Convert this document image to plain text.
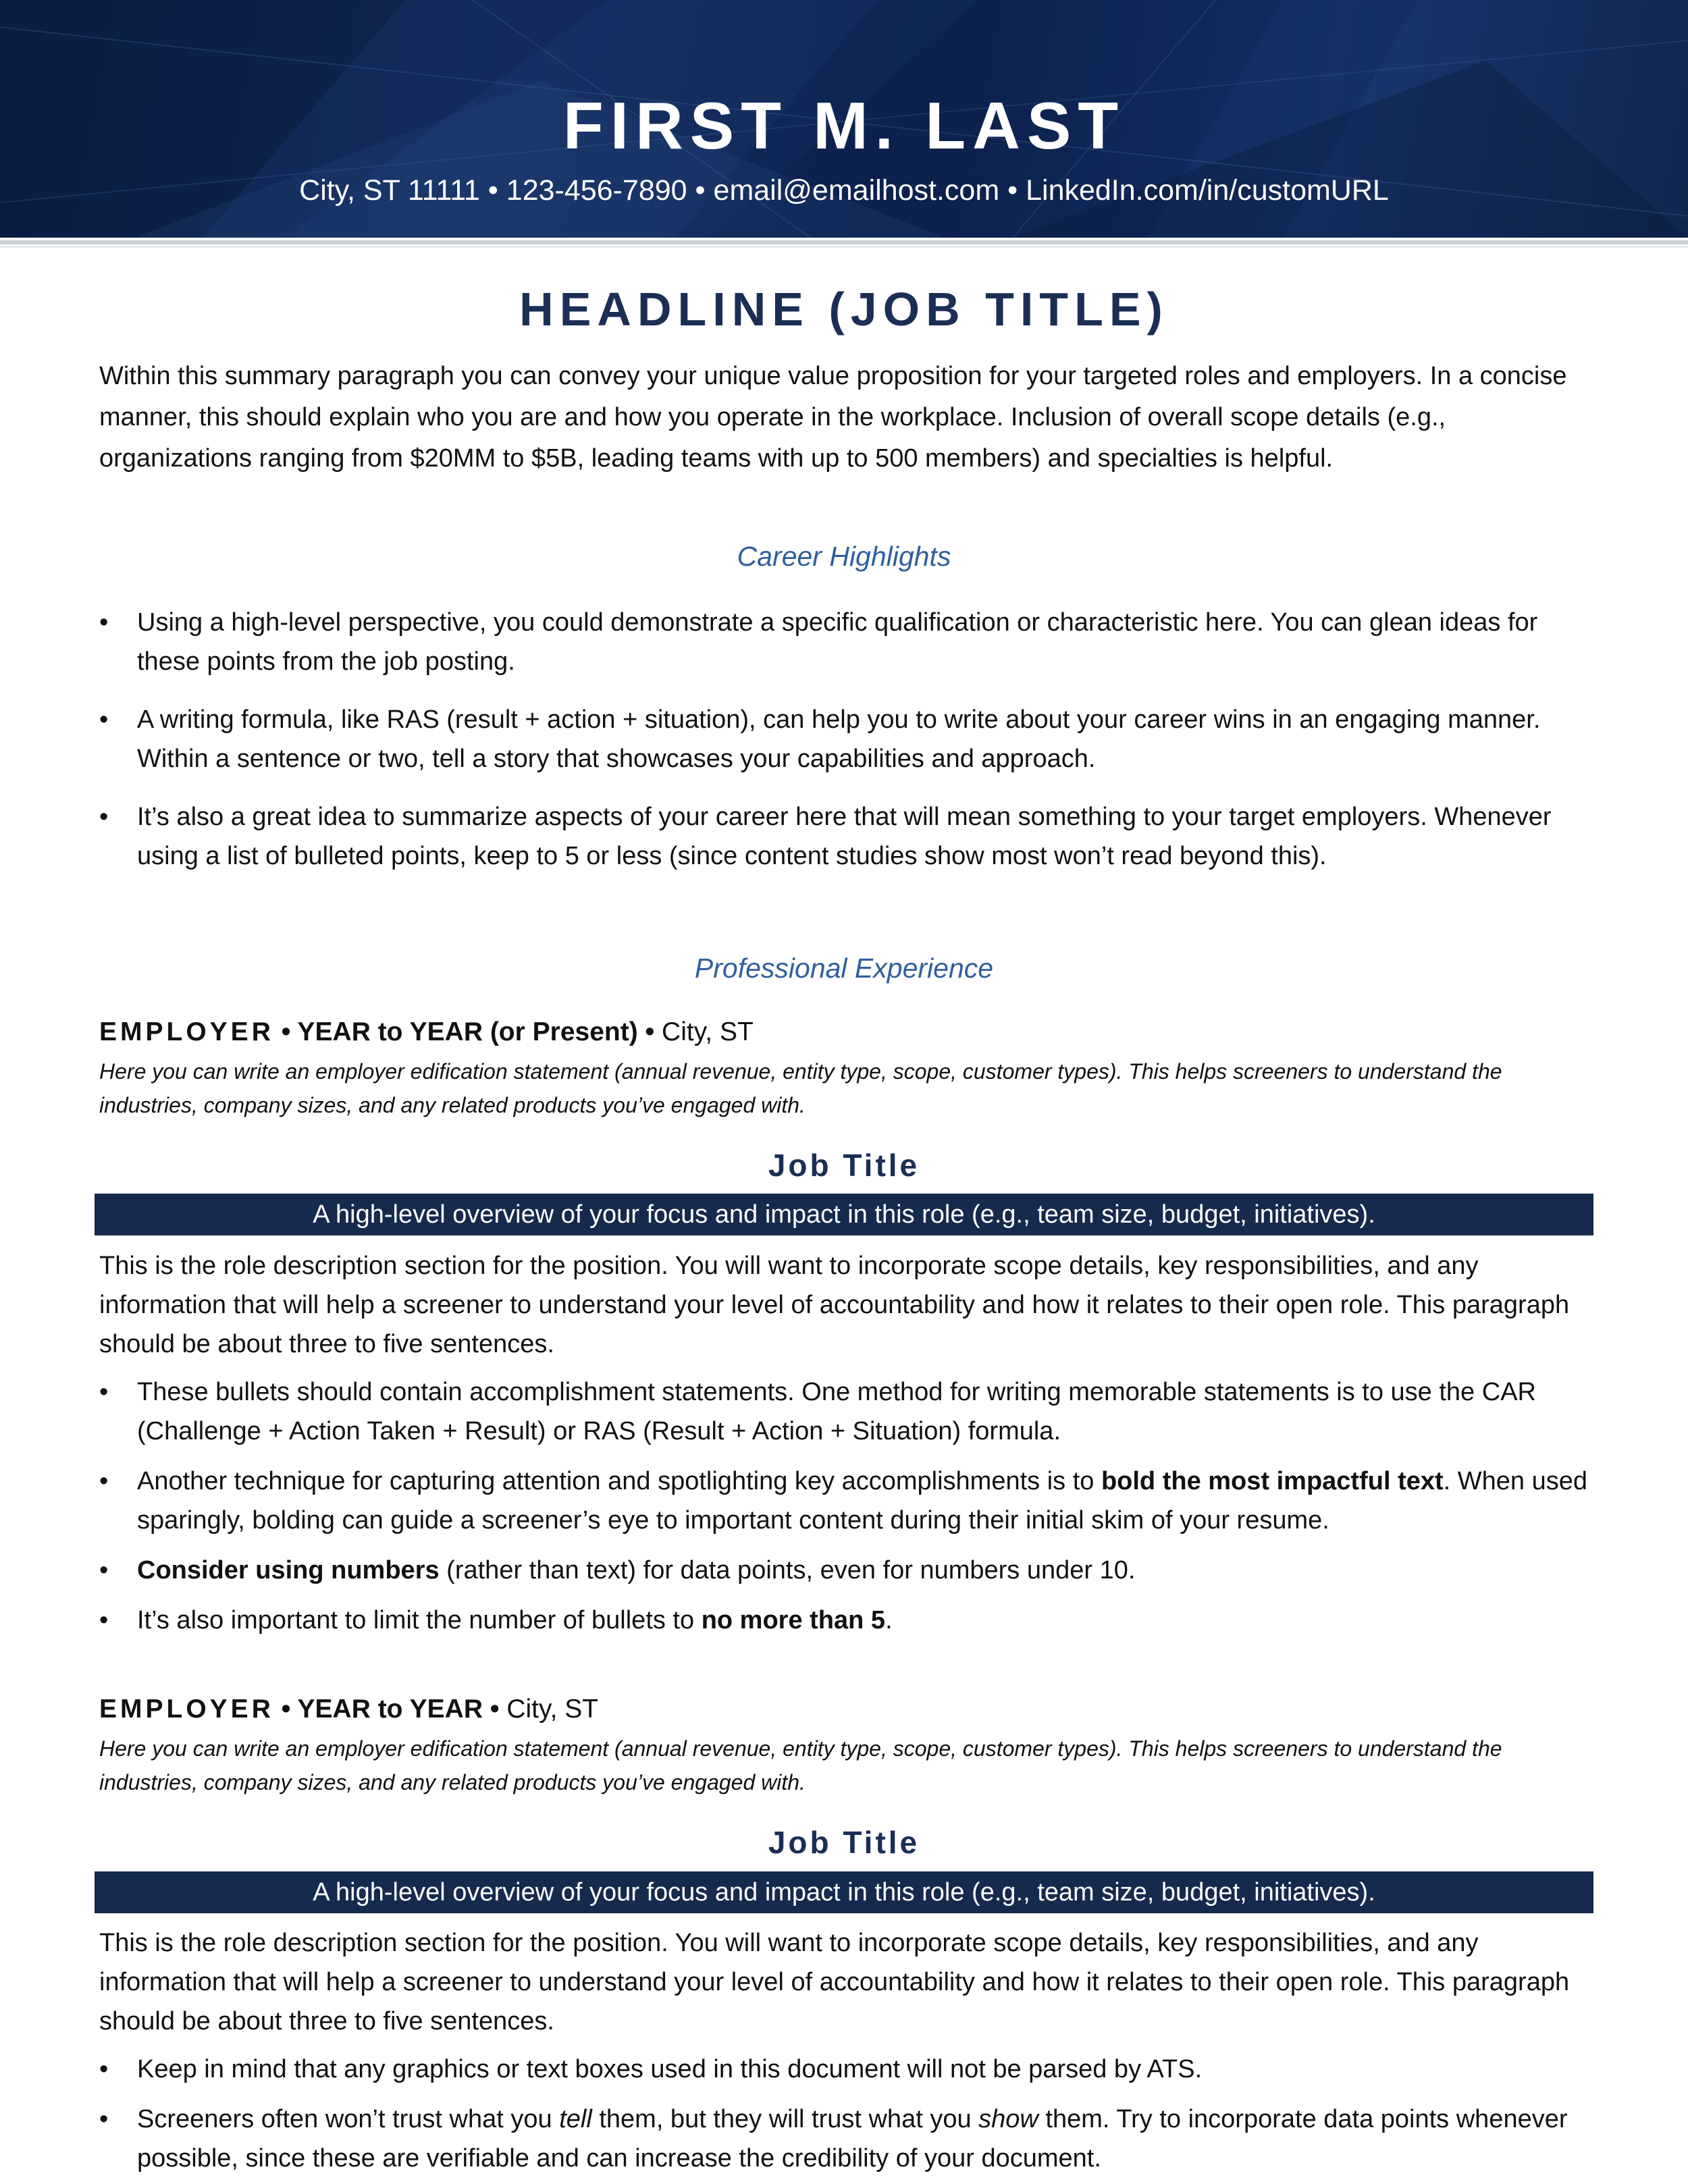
FIRST M. LAST
City, ST 11111 • 123-456-7890 • email@emailhost.com • LinkedIn.com/in/customURL
HEADLINE (JOB TITLE)
Within this summary paragraph you can convey your unique value proposition for your targeted roles and employers. In a concise manner, this should explain who you are and how you operate in the workplace. Inclusion of overall scope details (e.g., organizations ranging from $20MM to $5B, leading teams with up to 500 members) and specialties is helpful.
Career Highlights
•	Using a high-level perspective, you could demonstrate a specific qualification or characteristic here. You can glean ideas for these points from the job posting.
•	A writing formula, like RAS (result + action + situation), can help you to write about your career wins in an engaging manner. Within a sentence or two, tell a story that showcases your capabilities and approach.
•	It’s also a great idea to summarize aspects of your career here that will mean something to your target employers. Whenever using a list of bulleted points, keep to 5 or less (since content studies show most won’t read beyond this).
Professional Experience
EMPLOYER • YEAR to YEAR (or Present) • City, ST
Here you can write an employer edification statement (annual revenue, entity type, scope, customer types). This helps screeners to understand the industries, company sizes, and any related products you’ve engaged with.
Job Title
A high-level overview of your focus and impact in this role (e.g., team size, budget, initiatives).
This is the role description section for the position. You will want to incorporate scope details, key responsibilities, and any information that will help a screener to understand your level of accountability and how it relates to their open role. This paragraph should be about three to five sentences.
•	These bullets should contain accomplishment statements. One method for writing memorable statements is to use the CAR (Challenge + Action Taken + Result) or RAS (Result + Action + Situation) formula.
•	Another technique for capturing attention and spotlighting key accomplishments is to bold the most impactful text. When used sparingly, bolding can guide a screener’s eye to important content during their initial skim of your resume.
•	Consider using numbers (rather than text) for data points, even for numbers under 10.
•	It’s also important to limit the number of bullets to no more than 5.
EMPLOYER • YEAR to YEAR • City, ST
Here you can write an employer edification statement (annual revenue, entity type, scope, customer types). This helps screeners to understand the industries, company sizes, and any related products you’ve engaged with.
Job Title
A high-level overview of your focus and impact in this role (e.g., team size, budget, initiatives).
This is the role description section for the position. You will want to incorporate scope details, key responsibilities, and any information that will help a screener to understand your level of accountability and how it relates to their open role. This paragraph should be about three to five sentences.
•	Keep in mind that any graphics or text boxes used in this document will not be parsed by ATS.
•	Screeners often won’t trust what you tell them, but they will trust what you show them. Try to incorporate data points whenever possible, since these are verifiable and can increase the credibility of your document.
